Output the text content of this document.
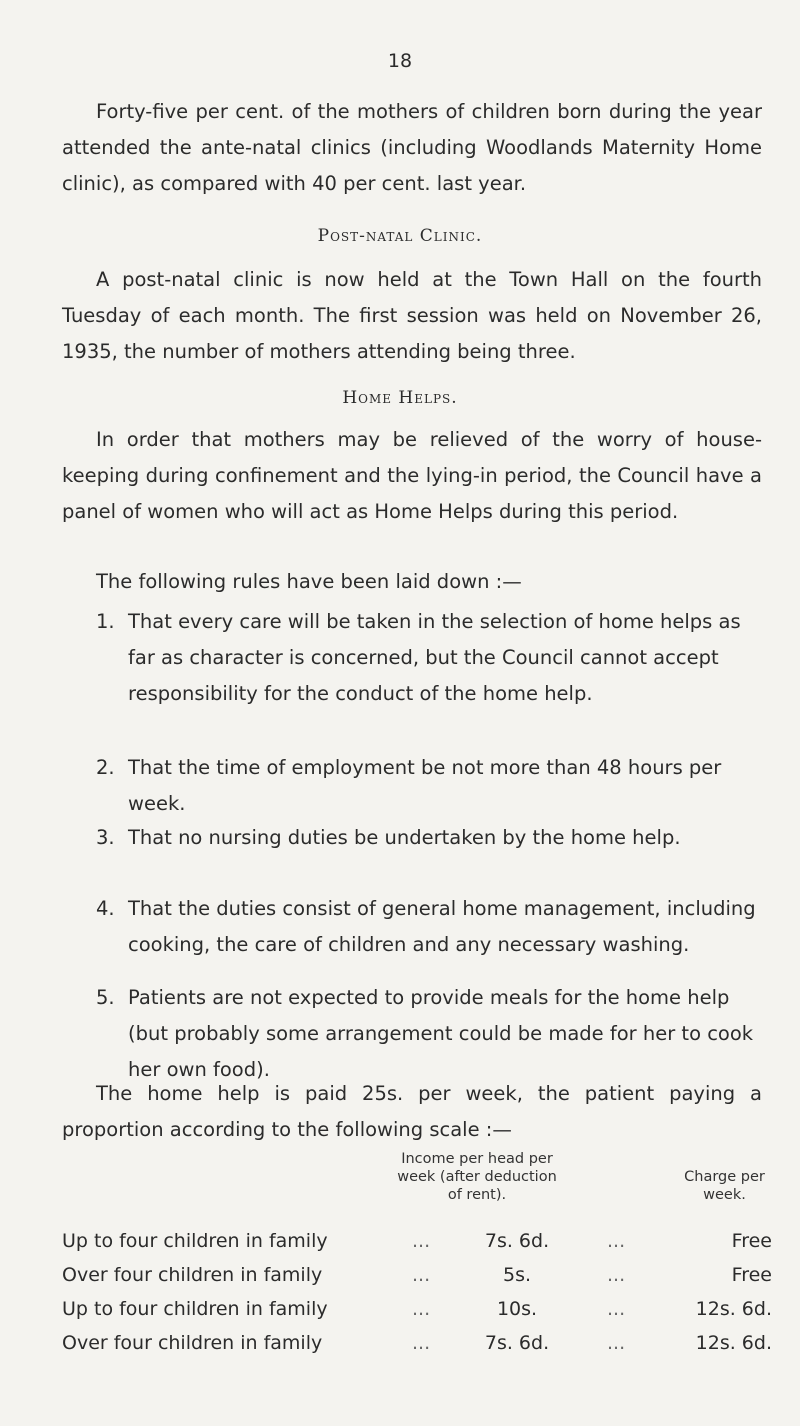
18
Forty-five per cent. of the mothers of children born during the year attended the ante-natal clinics (including Woodlands Maternity Home clinic), as compared with 40 per cent. last year.
Post-natal Clinic.
A post-natal clinic is now held at the Town Hall on the fourth Tuesday of each month. The first session was held on November 26, 1935, the number of mothers attending being three.
Home Helps.
In order that mothers may be relieved of the worry of house-keeping during confinement and the lying-in period, the Council have a panel of women who will act as Home Helps during this period.
The following rules have been laid down :—
1. That every care will be taken in the selection of home helps as far as character is concerned, but the Council cannot accept responsibility for the conduct of the home help.
2. That the time of employment be not more than 48 hours per week.
3. That no nursing duties be undertaken by the home help.
4. That the duties consist of general home management, including cooking, the care of children and any necessary washing.
5. Patients are not expected to provide meals for the home help (but probably some arrangement could be made for her to cook her own food).
The home help is paid 25s. per week, the patient paying a proportion according to the following scale :—
Income per head per week (after deduction of rent).
Charge per week.
Up to four children in family	...	7s. 6d.	...	Free
Over four children in family	...	5s.	...	Free
Up to four children in family	...	10s.	...	12s. 6d.
Over four children in family	...	7s. 6d.	...	12s. 6d.
